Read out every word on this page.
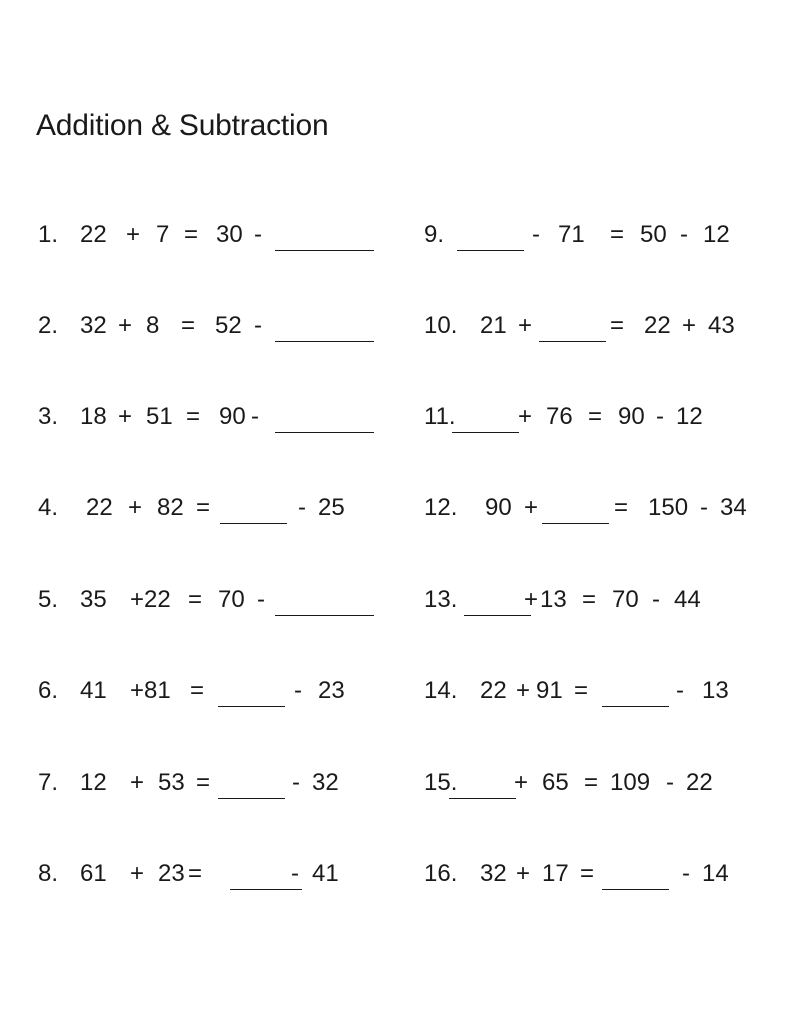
Addition & Subtraction
1. 22 + 7 = 30 -
2. 32 + 8 = 52 -
3. 18 + 51 = 90 -
4. 22 + 82 =	- 25
5. 35 + 22 = 70 -
6. 41 + 81 =	- 23
7. 12 + 53 =	- 32
8. 61 + 23 =	- 41
9.	- 71 = 50 - 12
10. 21 +	= 22 + 43
11.	+ 76 = 90 - 12
12. 90 +	= 150 - 34
13.	+ 13 = 70 - 44
14. 22 + 91 =	- 13
15. + 65 = 109 - 22
16. 32 + 17 =	- 14
